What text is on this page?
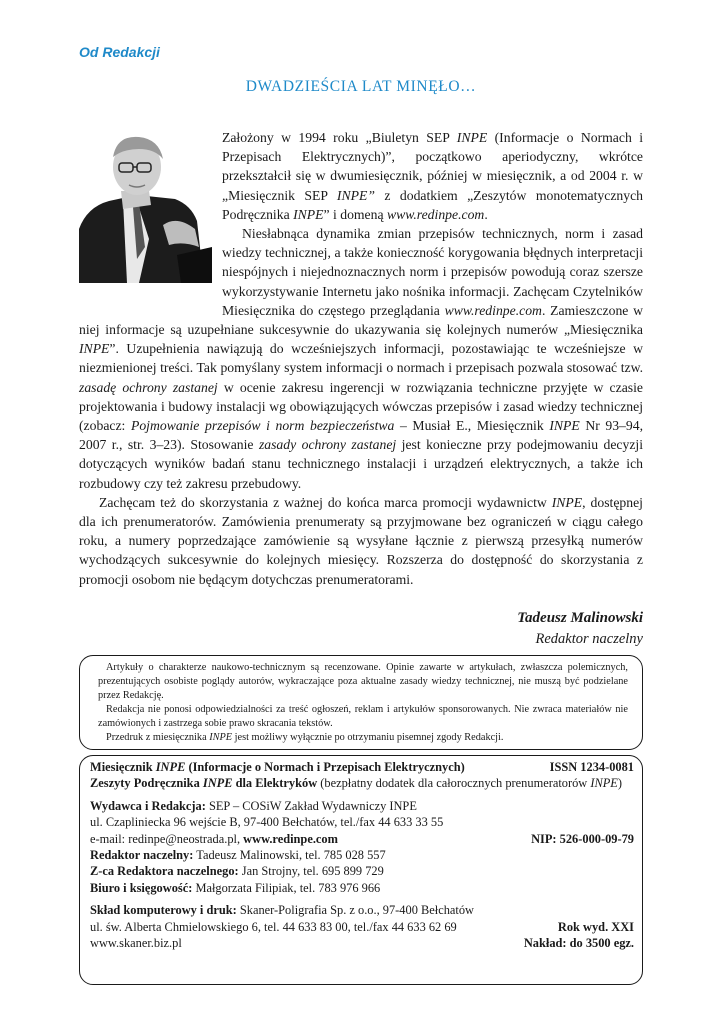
Od Redakcji
DWADZIEŚCIA LAT MINĘŁO…

Założony w 1994 roku „Biuletyn SEP INPE (Informacje o Normach i Przepisach Elektrycznych)”, początkowo aperiodyczny, wkrótce przekształcił się w dwumiesięcznik, później w miesięcznik, a od 2004 r. w „Miesięcznik SEP INPE” z dodatkiem „Zeszytów monotematycznych Podręcznika INPE” i domeną www.redinpe.com.

Niesłabnąca dynamika zmian przepisów technicznych, norm i zasad wiedzy technicznej, a także konieczność korygowania błędnych interpretacji niespójnych i niejednoznacznych norm i przepisów powodują coraz szersze wykorzystywanie Internetu jako nośnika informacji. Zachęcam Czytelników Miesięcznika do częstego przeglądania www.redinpe.com. Zamieszczone w niej informacje są uzupełniane sukcesywnie do ukazywania się kolejnych numerów „Miesięcznika INPE”. Uzupełnienia nawiązują do wcześniejszych informacji, pozostawiając te wcześniejsze w niezmienionej treści. Tak pomyślany system informacji o normach i przepisach pozwala stosować tzw. zasadę ochrony zastanej w ocenie zakresu ingerencji w rozwiązania techniczne przyjęte w czasie projektowania i budowy instalacji wg obowiązujących wówczas przepisów i zasad wiedzy technicznej (zobacz: Pojmowanie przepisów i norm bezpieczeństwa – Musiał E., Miesięcznik INPE Nr 93–94, 2007 r., str. 3–23). Stosowanie zasady ochrony zastanej jest konieczne przy podejmowaniu decyzji dotyczących wyników badań stanu technicznego instalacji i urządzeń elektrycznych, a także ich rozbudowy czy też zakresu przebudowy.

Zachęcam też do skorzystania z ważnej do końca marca promocji wydawnictw INPE, dostępnej dla ich prenumeratorów. Zamówienia prenumeraty są przyjmowane bez ograniczeń w ciągu całego roku, a numery poprzedzające zamówienie są wysyłane łącznie z pierwszą przesyłką numerów wychodzących sukcesywnie do kolejnych miesięcy. Rozszerza do dostępność do skorzystania z promocji osobom nie będącym dotychczas prenumeratorami.

Tadeusz Malinowski
Redaktor naczelny

Artykuły o charakterze naukowo-technicznym są recenzowane. Opinie zawarte w artykułach, zwłaszcza polemicznych, prezentujących osobiste poglądy autorów, wykraczające poza aktualne zasady wiedzy technicznej, nie muszą być podzielane przez Redakcję.

Redakcja nie ponosi odpowiedzialności za treść ogłoszeń, reklam i artykułów sponsorowanych. Nie zwraca materiałów nie zamówionych i zastrzega sobie prawo skracania tekstów.

Przedruk z miesięcznika INPE jest możliwy wyłącznie po otrzymaniu pisemnej zgody Redakcji.

Miesięcznik INPE (Informacje o Normach i Przepisach Elektrycznych)	ISSN 1234-0081
Zeszyty Podręcznika INPE dla Elektryków (bezpłatny dodatek dla całorocznych prenumeratorów INPE)
Wydawca i Redakcja: SEP – COSiW Zakład Wydawniczy INPE
ul. Czapliniecka 96 wejście B, 97-400 Bełchatów, tel./fax 44 633 33 55
e-mail: redinpe@neostrada.pl, www.redinpe.com	NIP: 526-000-09-79
Redaktor naczelny: Tadeusz Malinowski, tel. 785 028 557
Z-ca Redaktora naczelnego: Jan Strojny, tel. 695 899 729
Biuro i księgowość: Małgorzata Filipiak, tel. 783 976 966
Skład komputerowy i druk: Skaner-Poligrafia Sp. z o.o., 97-400 Bełchatów
ul. św. Alberta Chmielowskiego 6, tel. 44 633 83 00, tel./fax 44 633 62 69	Rok wyd. XXI
www.skaner.biz.pl	Nakład: do 3500 egz.
